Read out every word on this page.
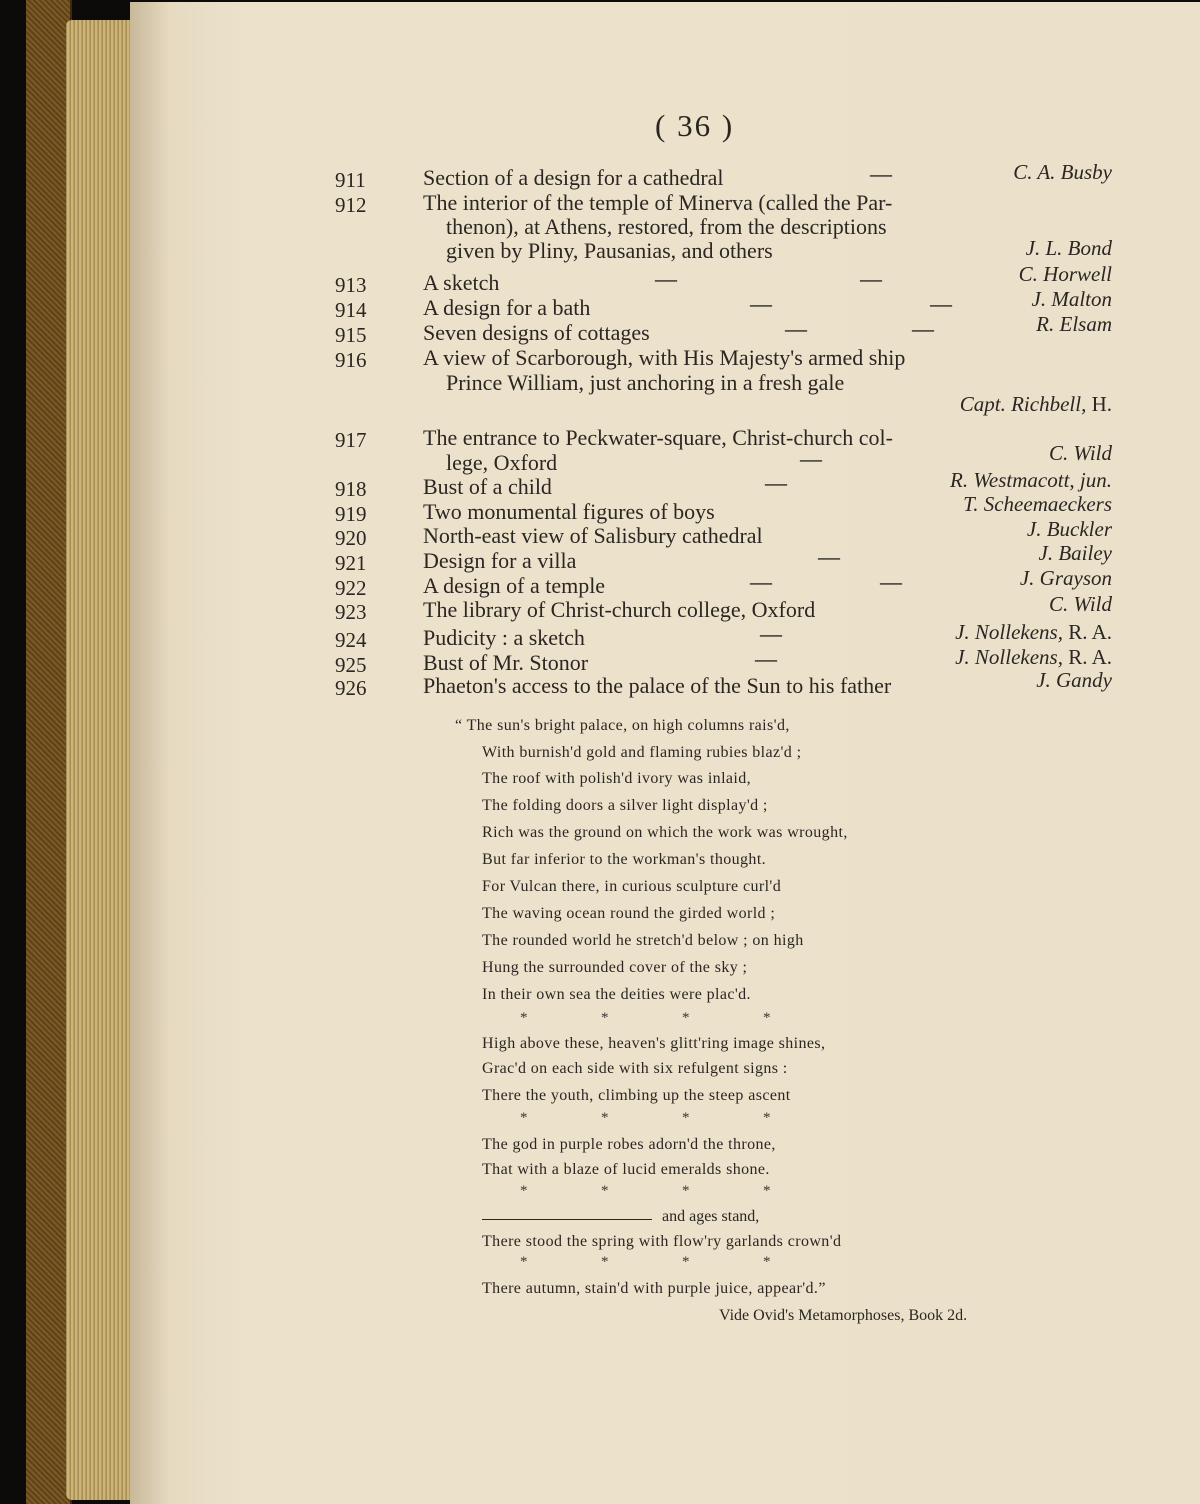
( 36 )
911	Section of a design for a cathedral	—	C. A. Busby
912	The interior of the temple of Minerva (called the Par-
thenon), at Athens, restored, from the descriptions
given by Pliny, Pausanias, and others	J. L. Bond
913	A sketch	—	—	C. Horwell
914	A design for a bath	—	—	J. Malton
915	Seven designs of cottages	—	—	R. Elsam
916	A view of Scarborough, with His Majesty's armed ship
Prince William, just anchoring in a fresh gale
Capt. Richbell, H.
917	The entrance to Peckwater-square, Christ-church col-
lege, Oxford	—	C. Wild
918	Bust of a child	—	R. Westmacott, jun.
919	Two monumental figures of boys	T. Scheemaeckers
920	North-east view of Salisbury cathedral	J. Buckler
921	Design for a villa	—	J. Bailey
922	A design of a temple	—	—	J. Grayson
923	The library of Christ-church college, Oxford	C. Wild
924	Pudicity : a sketch	—	J. Nollekens, R. A.
925	Bust of Mr. Stonor	—	J. Nollekens, R. A.
926	Phaeton's access to the palace of the Sun to his father	J. Gandy
“ The sun's bright palace, on high columns rais'd,
With burnish'd gold and flaming rubies blaz'd ;
The roof with polish'd ivory was inlaid,
The folding doors a silver light display'd ;
Rich was the ground on which the work was wrought,
But far inferior to the workman's thought.
For Vulcan there, in curious sculpture curl'd
The waving ocean round the girded world ;
The rounded world he stretch'd below ; on high
Hung the surrounded cover of the sky ;
In their own sea the deities were plac'd.
High above these, heaven's glitt'ring image shines,
Grac'd on each side with six refulgent signs :
There the youth, climbing up the steep ascent
The god in purple robes adorn'd the throne,
That with a blaze of lucid emeralds shone.
and ages stand,
There stood the spring with flow'ry garlands crown'd
There autumn, stain'd with purple juice, appear'd.”
*	*	*	*
*	*	*	*
*	*	*	*
*	*	*	*
Vide Ovid's Metamorphoses, Book 2d.
